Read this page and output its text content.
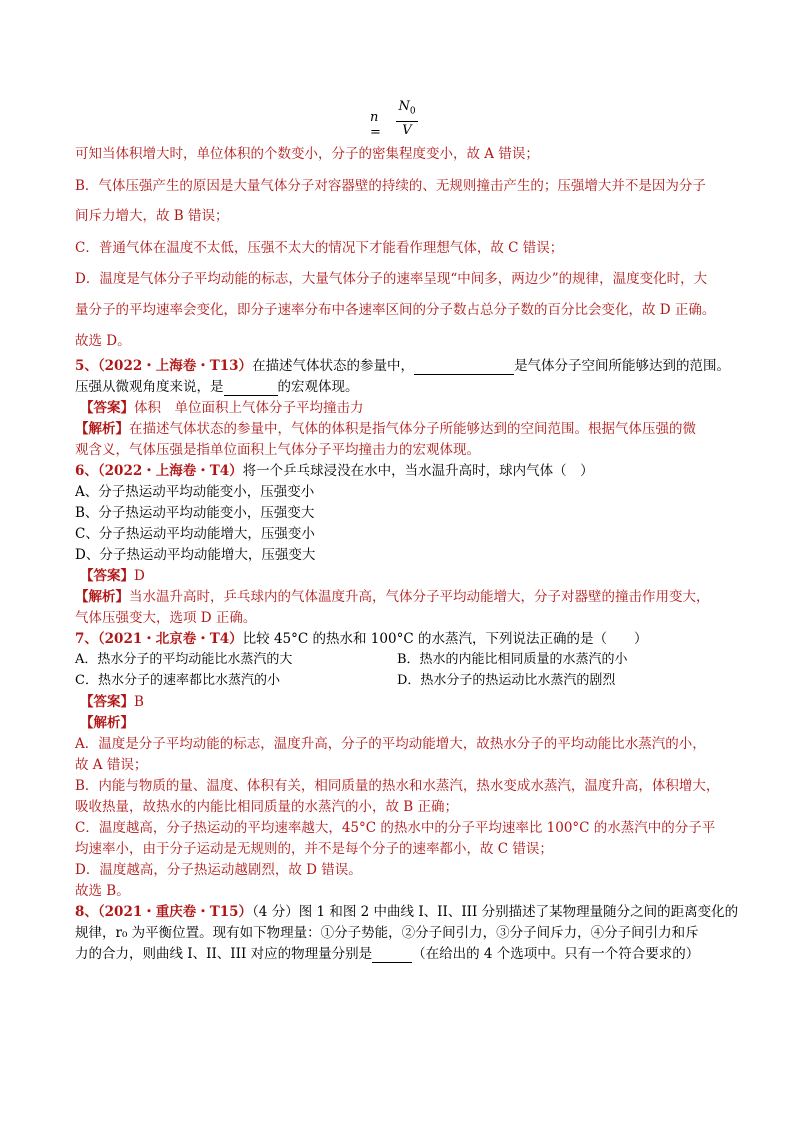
n =
$N_0$
V
可知当体积增大时，单位体积的个数变小，分子的密集程度变小，故 A 错误；
B．气体压强产生的原因是大量气体分子对容器壁的持续的、无规则撞击产生的；压强增大并不是因为分子
间斥力增大，故 B 错误；
C．普通气体在温度不太低，压强不太大的情况下才能看作理想气体，故 C 错误；
D．温度是气体分子平均动能的标志，大量气体分子的速率呈现“中间多，两边少”的规律，温度变化时，大
量分子的平均速率会变化，即分子速率分布中各速率区间的分子数占总分子数的百分比会变化，故 D 正确。
故选 D。
5、（2022・上海卷・T13）在描述气体状态的参量中，	是气体分子空间所能够达到的范围。
压强从微观角度来说，是	的宏观体现。
【答案】体积　单位面积上气体分子平均撞击力
【解析】在描述气体状态的参量中，气体的体积是指气体分子所能够达到的空间范围。根据气体压强的微
观含义，气体压强是指单位面积上气体分子平均撞击力的宏观体现。
6、（2022・上海卷・T4）将一个乒乓球浸没在水中，当水温升高时，球内气体（　）
A、分子热运动平均动能变小，压强变小
B、分子热运动平均动能变小，压强变大
C、分子热运动平均动能增大，压强变小
D、分子热运动平均动能增大，压强变大
【答案】D
【解析】当水温升高时，乒乓球内的气体温度升高，气体分子平均动能增大，分子对器壁的撞击作用变大，
气体压强变大，选项 D 正确。
7、（2021・北京卷・T4）比较 45°C 的热水和 100°C 的水蒸汽，下列说法正确的是（　　）
A．热水分子的平均动能比水蒸汽的大	B．热水的内能比相同质量的水蒸汽的小
C．热水分子的速率都比水蒸汽的小	D．热水分子的热运动比水蒸汽的剧烈
【答案】B
【解析】
A．温度是分子平均动能的标志，温度升高，分子的平均动能增大，故热水分子的平均动能比水蒸汽的小，
故 A 错误；
B．内能与物质的量、温度、体积有关，相同质量的热水和水蒸汽，热水变成水蒸汽，温度升高，体积增大，
吸收热量，故热水的内能比相同质量的水蒸汽的小，故 B 正确；
C．温度越高，分子热运动的平均速率越大，45°C 的热水中的分子平均速率比 100°C 的水蒸汽中的分子平
均速率小，由于分子运动是无规则的，并不是每个分子的速率都小，故 C 错误；
D．温度越高，分子热运动越剧烈，故 D 错误。
故选 B。
8、（2021・重庆卷・T15）（4 分）图 1 和图 2 中曲线 I、II、III 分别描述了某物理量随分之间的距离变化的
规律，r₀ 为平衡位置。现有如下物理量：①分子势能，②分子间引力，③分子间斥力，④分子间引力和斥
力的合力，则曲线 I、II、III 对应的物理量分别是	（在给出的 4 个选项中。只有一个符合要求的）
